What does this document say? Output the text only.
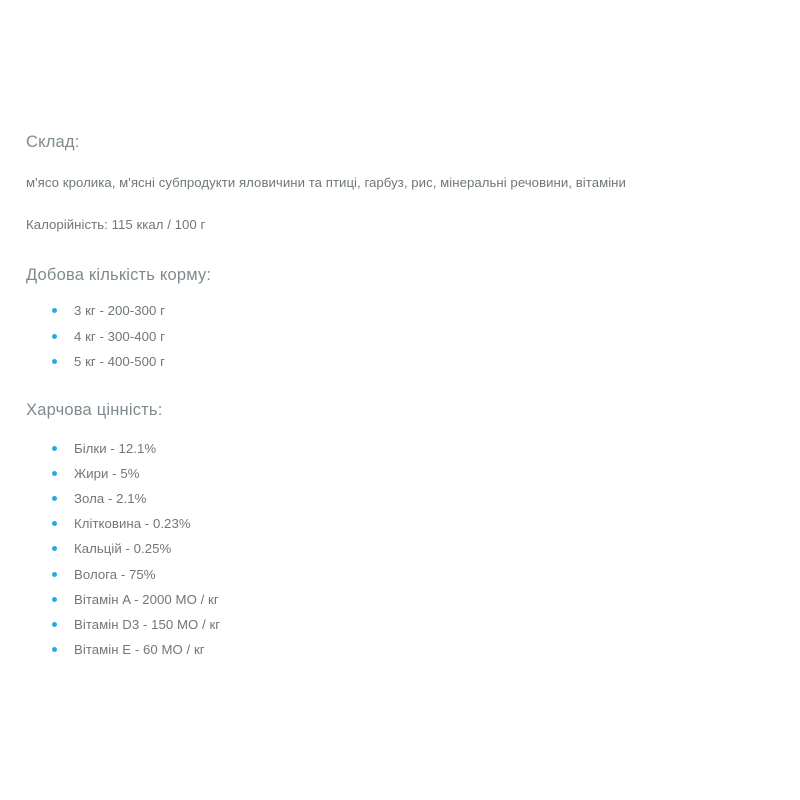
Склад:
м'ясо кролика, м'ясні субпродукти яловичини та птиці, гарбуз, рис, мінеральні речовини, вітаміни
Калорійність: 115 ккал / 100 г
Добова кількість корму:
3 кг - 200-300 г
4 кг - 300-400 г
5 кг - 400-500 г
Харчова цінність:
Білки - 12.1%
Жири - 5%
Зола - 2.1%
Клітковина - 0.23%
Кальцій - 0.25%
Волога - 75%
Вітамін A - 2000 МО / кг
Вітамін D3 - 150 МО / кг
Вітамін E - 60 МО / кг
